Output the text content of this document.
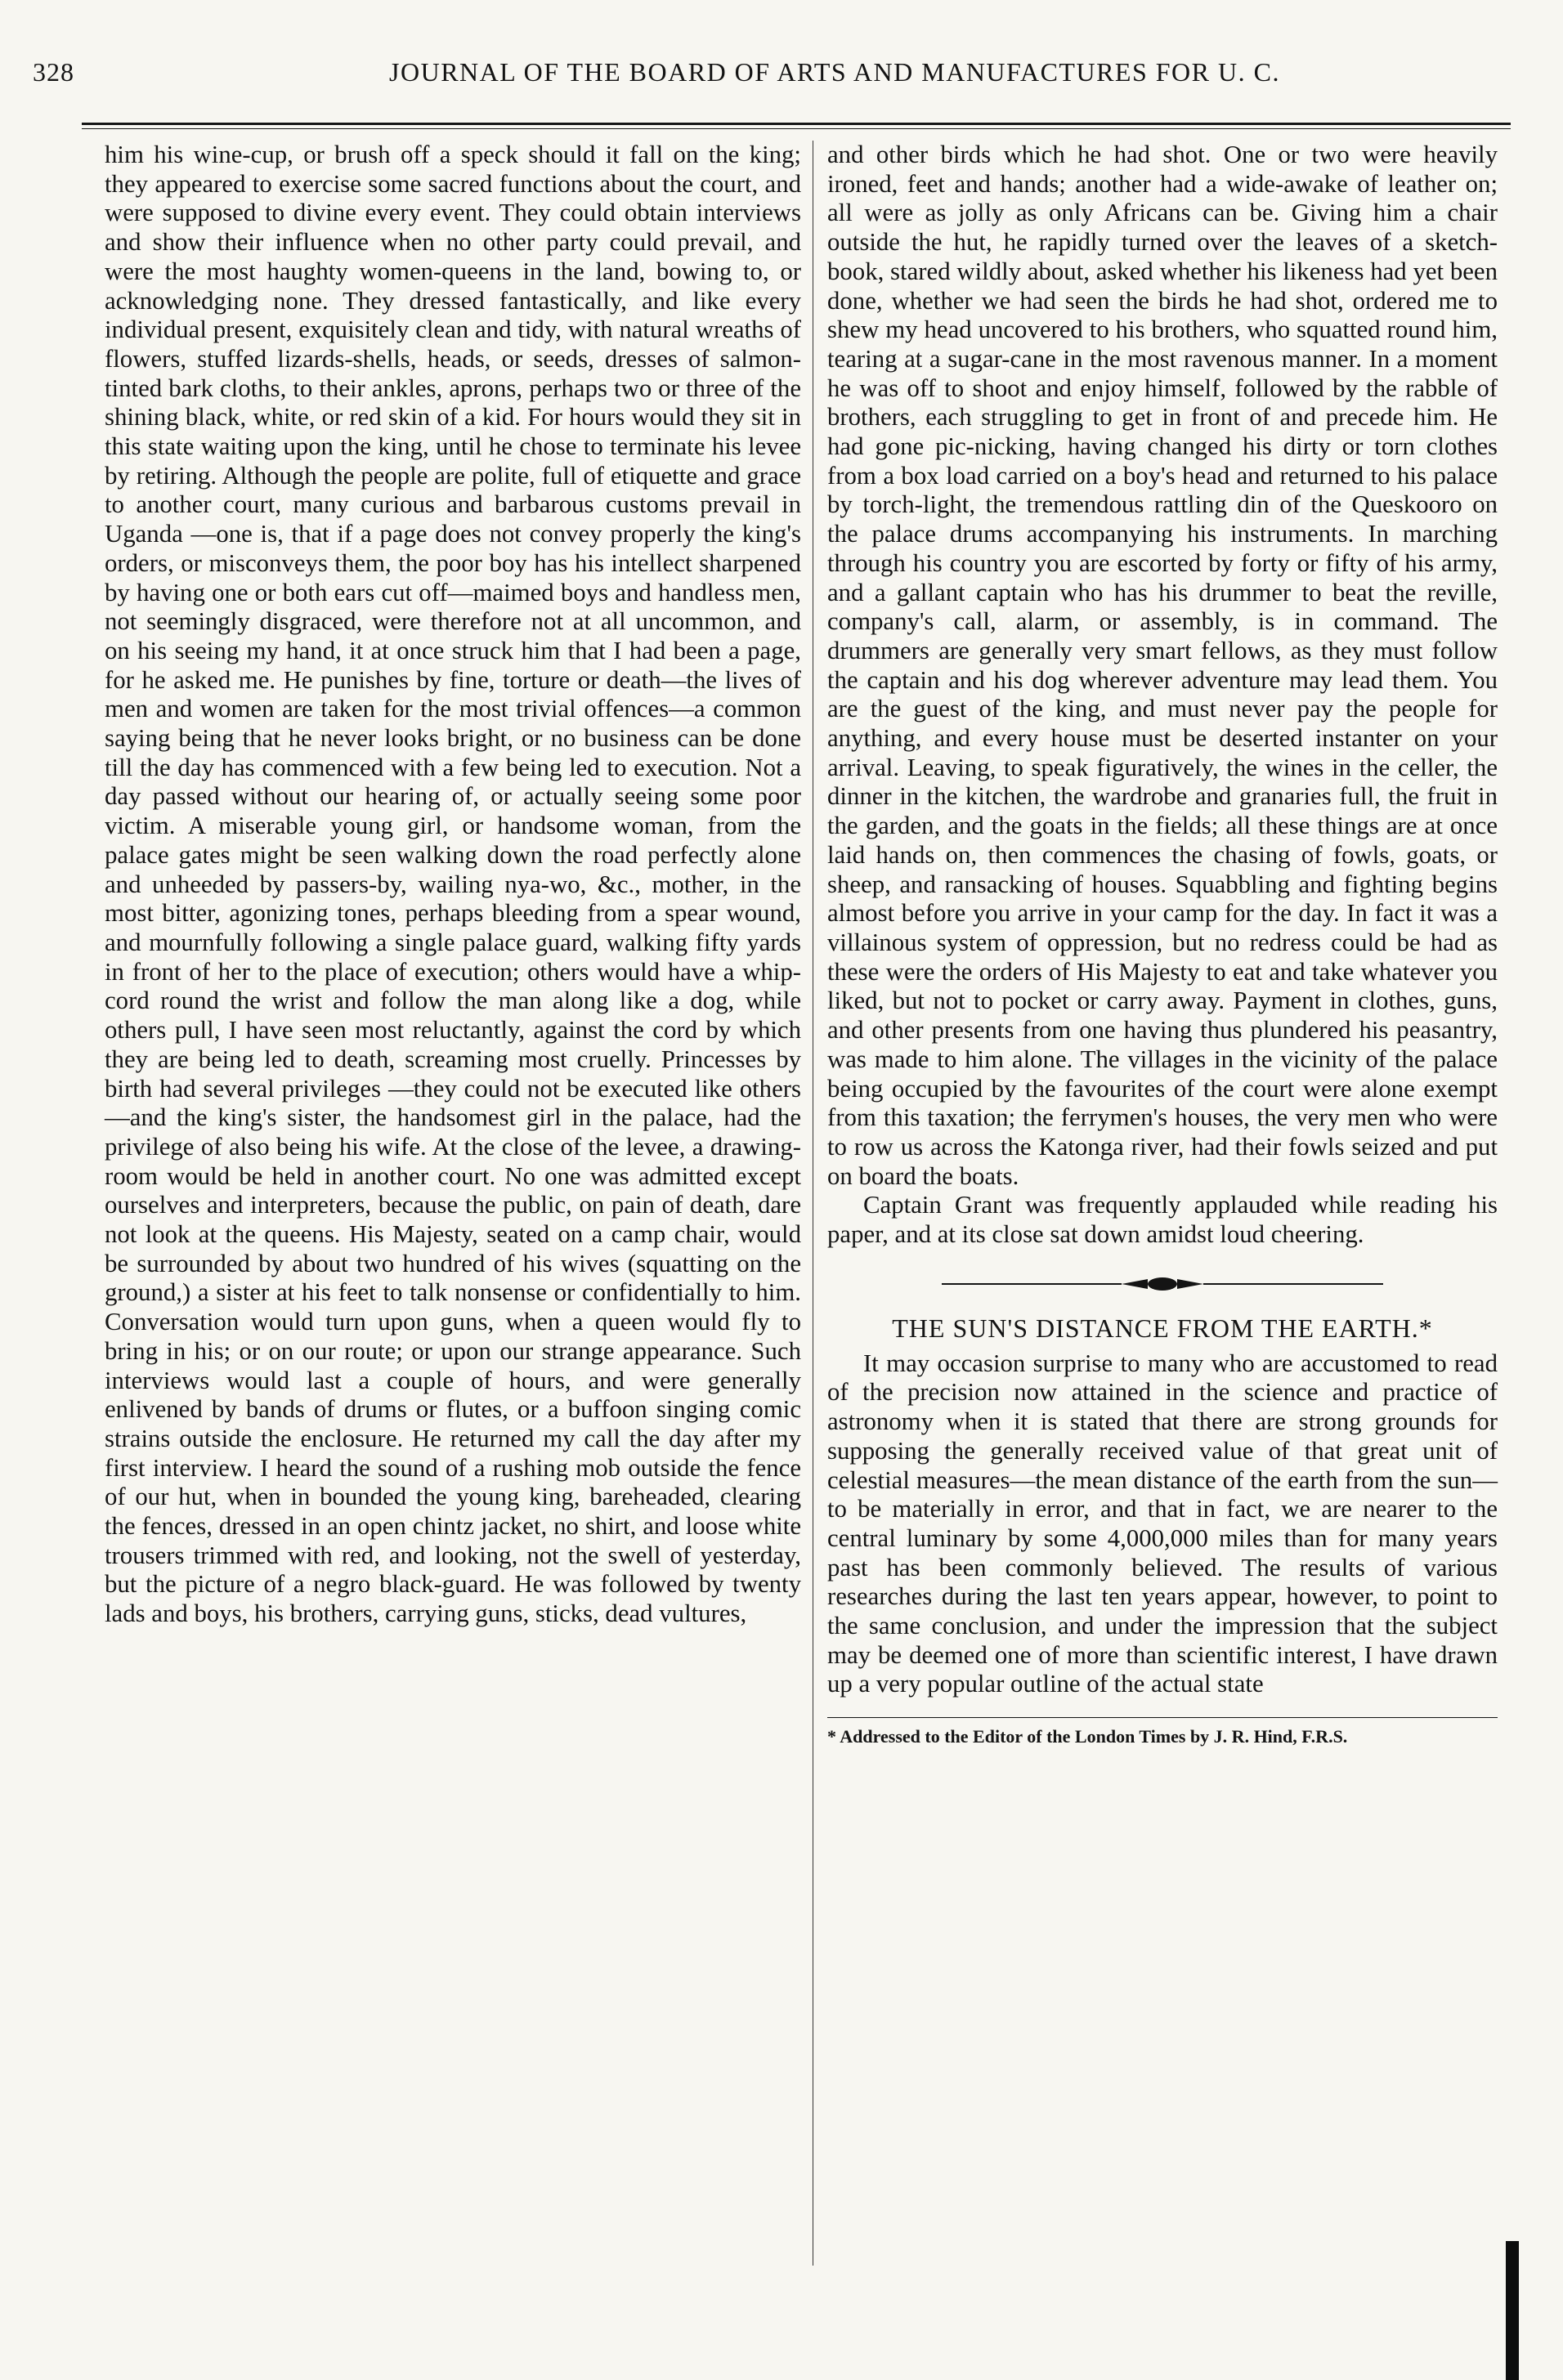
328	JOURNAL OF THE BOARD OF ARTS AND MANUFACTURES FOR U. C.

him his wine-cup, or brush off a speck should it fall on the king; they appeared to exercise some sacred functions about the court, and were supposed to divine every event. They could obtain interviews and show their influence when no other party could prevail, and were the most haughty women-queens in the land, bowing to, or acknowledging none. They dressed fantastically, and like every individual present, exquisitely clean and tidy, with natural wreaths of flowers, stuffed lizards-shells, heads, or seeds, dresses of salmon-tinted bark cloths, to their ankles, aprons, perhaps two or three of the shining black, white, or red skin of a kid. For hours would they sit in this state waiting upon the king, until he chose to terminate his levee by retiring. Although the people are polite, full of etiquette and grace to another court, many curious and barbarous customs prevail in Uganda —one is, that if a page does not convey properly the king's orders, or misconveys them, the poor boy has his intellect sharpened by having one or both ears cut off—maimed boys and handless men, not seemingly disgraced, were therefore not at all uncommon, and on his seeing my hand, it at once struck him that I had been a page, for he asked me. He punishes by fine, torture or death—the lives of men and women are taken for the most trivial offences—a common saying being that he never looks bright, or no business can be done till the day has commenced with a few being led to execution. Not a day passed without our hearing of, or actually seeing some poor victim. A miserable young girl, or handsome woman, from the palace gates might be seen walking down the road perfectly alone and unheeded by passers-by, wailing nya-wo, &c., mother, in the most bitter, agonizing tones, perhaps bleeding from a spear wound, and mournfully following a single palace guard, walking fifty yards in front of her to the place of execution; others would have a whip-cord round the wrist and follow the man along like a dog, while others pull, I have seen most reluctantly, against the cord by which they are being led to death, screaming most cruelly. Princesses by birth had several privileges —they could not be executed like others—and the king's sister, the handsomest girl in the palace, had the privilege of also being his wife. At the close of the levee, a drawing-room would be held in another court. No one was admitted except ourselves and interpreters, because the public, on pain of death, dare not look at the queens. His Majesty, seated on a camp chair, would be surrounded by about two hundred of his wives (squatting on the ground,) a sister at his feet to talk nonsense or confidentially to him. Conversation would turn upon guns, when a queen would fly to bring in his; or on our route; or upon our strange appearance. Such interviews would last a couple of hours, and were generally enlivened by bands of drums or flutes, or a buffoon singing comic strains outside the enclosure. He returned my call the day after my first interview. I heard the sound of a rushing mob outside the fence of our hut, when in bounded the young king, bareheaded, clearing the fences, dressed in an open chintz jacket, no shirt, and loose white trousers trimmed with red, and looking, not the swell of yesterday, but the picture of a negro black-guard. He was followed by twenty lads and boys, his brothers, carrying guns, sticks, dead vultures,

and other birds which he had shot. One or two were heavily ironed, feet and hands; another had a wide-awake of leather on; all were as jolly as only Africans can be. Giving him a chair outside the hut, he rapidly turned over the leaves of a sketch-book, stared wildly about, asked whether his likeness had yet been done, whether we had seen the birds he had shot, ordered me to shew my head uncovered to his brothers, who squatted round him, tearing at a sugar-cane in the most ravenous manner. In a moment he was off to shoot and enjoy himself, followed by the rabble of brothers, each struggling to get in front of and precede him. He had gone pic-nicking, having changed his dirty or torn clothes from a box load carried on a boy's head and returned to his palace by torch-light, the tremendous rattling din of the Queskooro on the palace drums accompanying his instruments. In marching through his country you are escorted by forty or fifty of his army, and a gallant captain who has his drummer to beat the reville, company's call, alarm, or assembly, is in command. The drummers are generally very smart fellows, as they must follow the captain and his dog wherever adventure may lead them. You are the guest of the king, and must never pay the people for anything, and every house must be deserted instanter on your arrival. Leaving, to speak figuratively, the wines in the celler, the dinner in the kitchen, the wardrobe and granaries full, the fruit in the garden, and the goats in the fields; all these things are at once laid hands on, then commences the chasing of fowls, goats, or sheep, and ransacking of houses. Squabbling and fighting begins almost before you arrive in your camp for the day. In fact it was a villainous system of oppression, but no redress could be had as these were the orders of His Majesty to eat and take whatever you liked, but not to pocket or carry away. Payment in clothes, guns, and other presents from one having thus plundered his peasantry, was made to him alone. The villages in the vicinity of the palace being occupied by the favourites of the court were alone exempt from this taxation; the ferrymen's houses, the very men who were to row us across the Katonga river, had their fowls seized and put on board the boats.

Captain Grant was frequently applauded while reading his paper, and at its close sat down amidst loud cheering.

THE SUN'S DISTANCE FROM THE EARTH.*

It may occasion surprise to many who are accustomed to read of the precision now attained in the science and practice of astronomy when it is stated that there are strong grounds for supposing the generally received value of that great unit of celestial measures—the mean distance of the earth from the sun—to be materially in error, and that in fact, we are nearer to the central luminary by some 4,000,000 miles than for many years past has been commonly believed. The results of various researches during the last ten years appear, however, to point to the same conclusion, and under the impression that the subject may be deemed one of more than scientific interest, I have drawn up a very popular outline of the actual state

* Addressed to the Editor of the London Times by J. R. Hind, F.R.S.
